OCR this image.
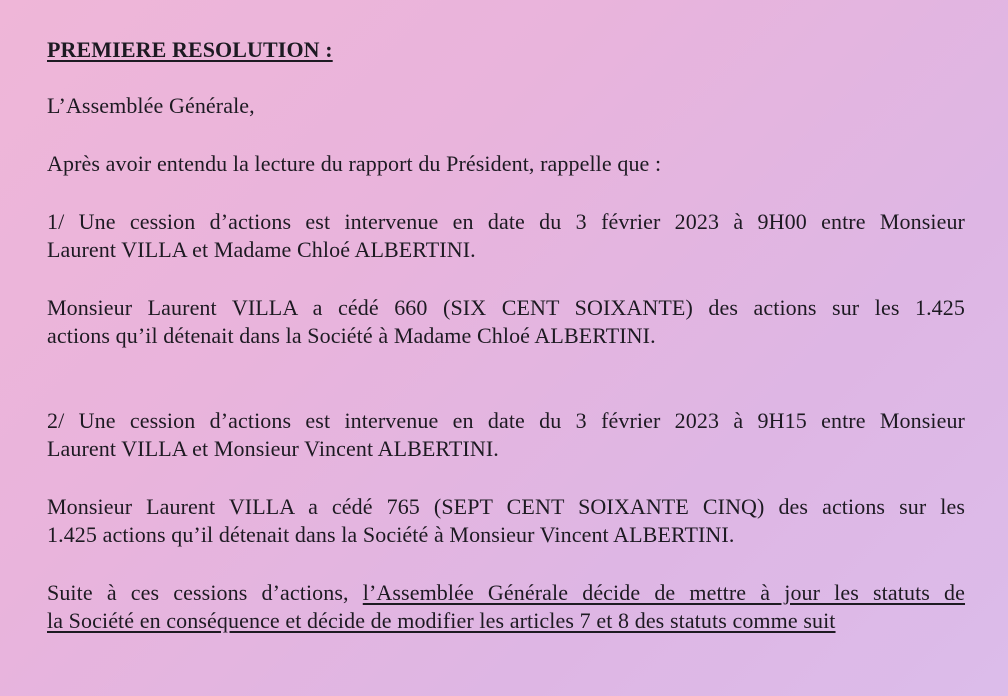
PREMIERE RESOLUTION :

L’Assemblée Générale,

Après avoir entendu la lecture du rapport du Président, rappelle que :

1/ Une cession d’actions est intervenue en date du 3 février 2023 à 9H00 entre Monsieur
Laurent VILLA et Madame Chloé ALBERTINI.

Monsieur Laurent VILLA a cédé 660 (SIX CENT SOIXANTE) des actions sur les 1.425
actions qu’il détenait dans la Société à Madame Chloé ALBERTINI.

2/ Une cession d’actions est intervenue en date du 3 février 2023 à 9H15 entre Monsieur
Laurent VILLA et Monsieur Vincent ALBERTINI.

Monsieur Laurent VILLA a cédé 765 (SEPT CENT SOIXANTE CINQ) des actions sur les
1.425 actions qu’il détenait dans la Société à Monsieur Vincent ALBERTINI.

Suite à ces cessions d’actions, l’Assemblée Générale décide de mettre à jour les statuts de
la Société en conséquence et décide de modifier les articles 7 et 8 des statuts comme suit
